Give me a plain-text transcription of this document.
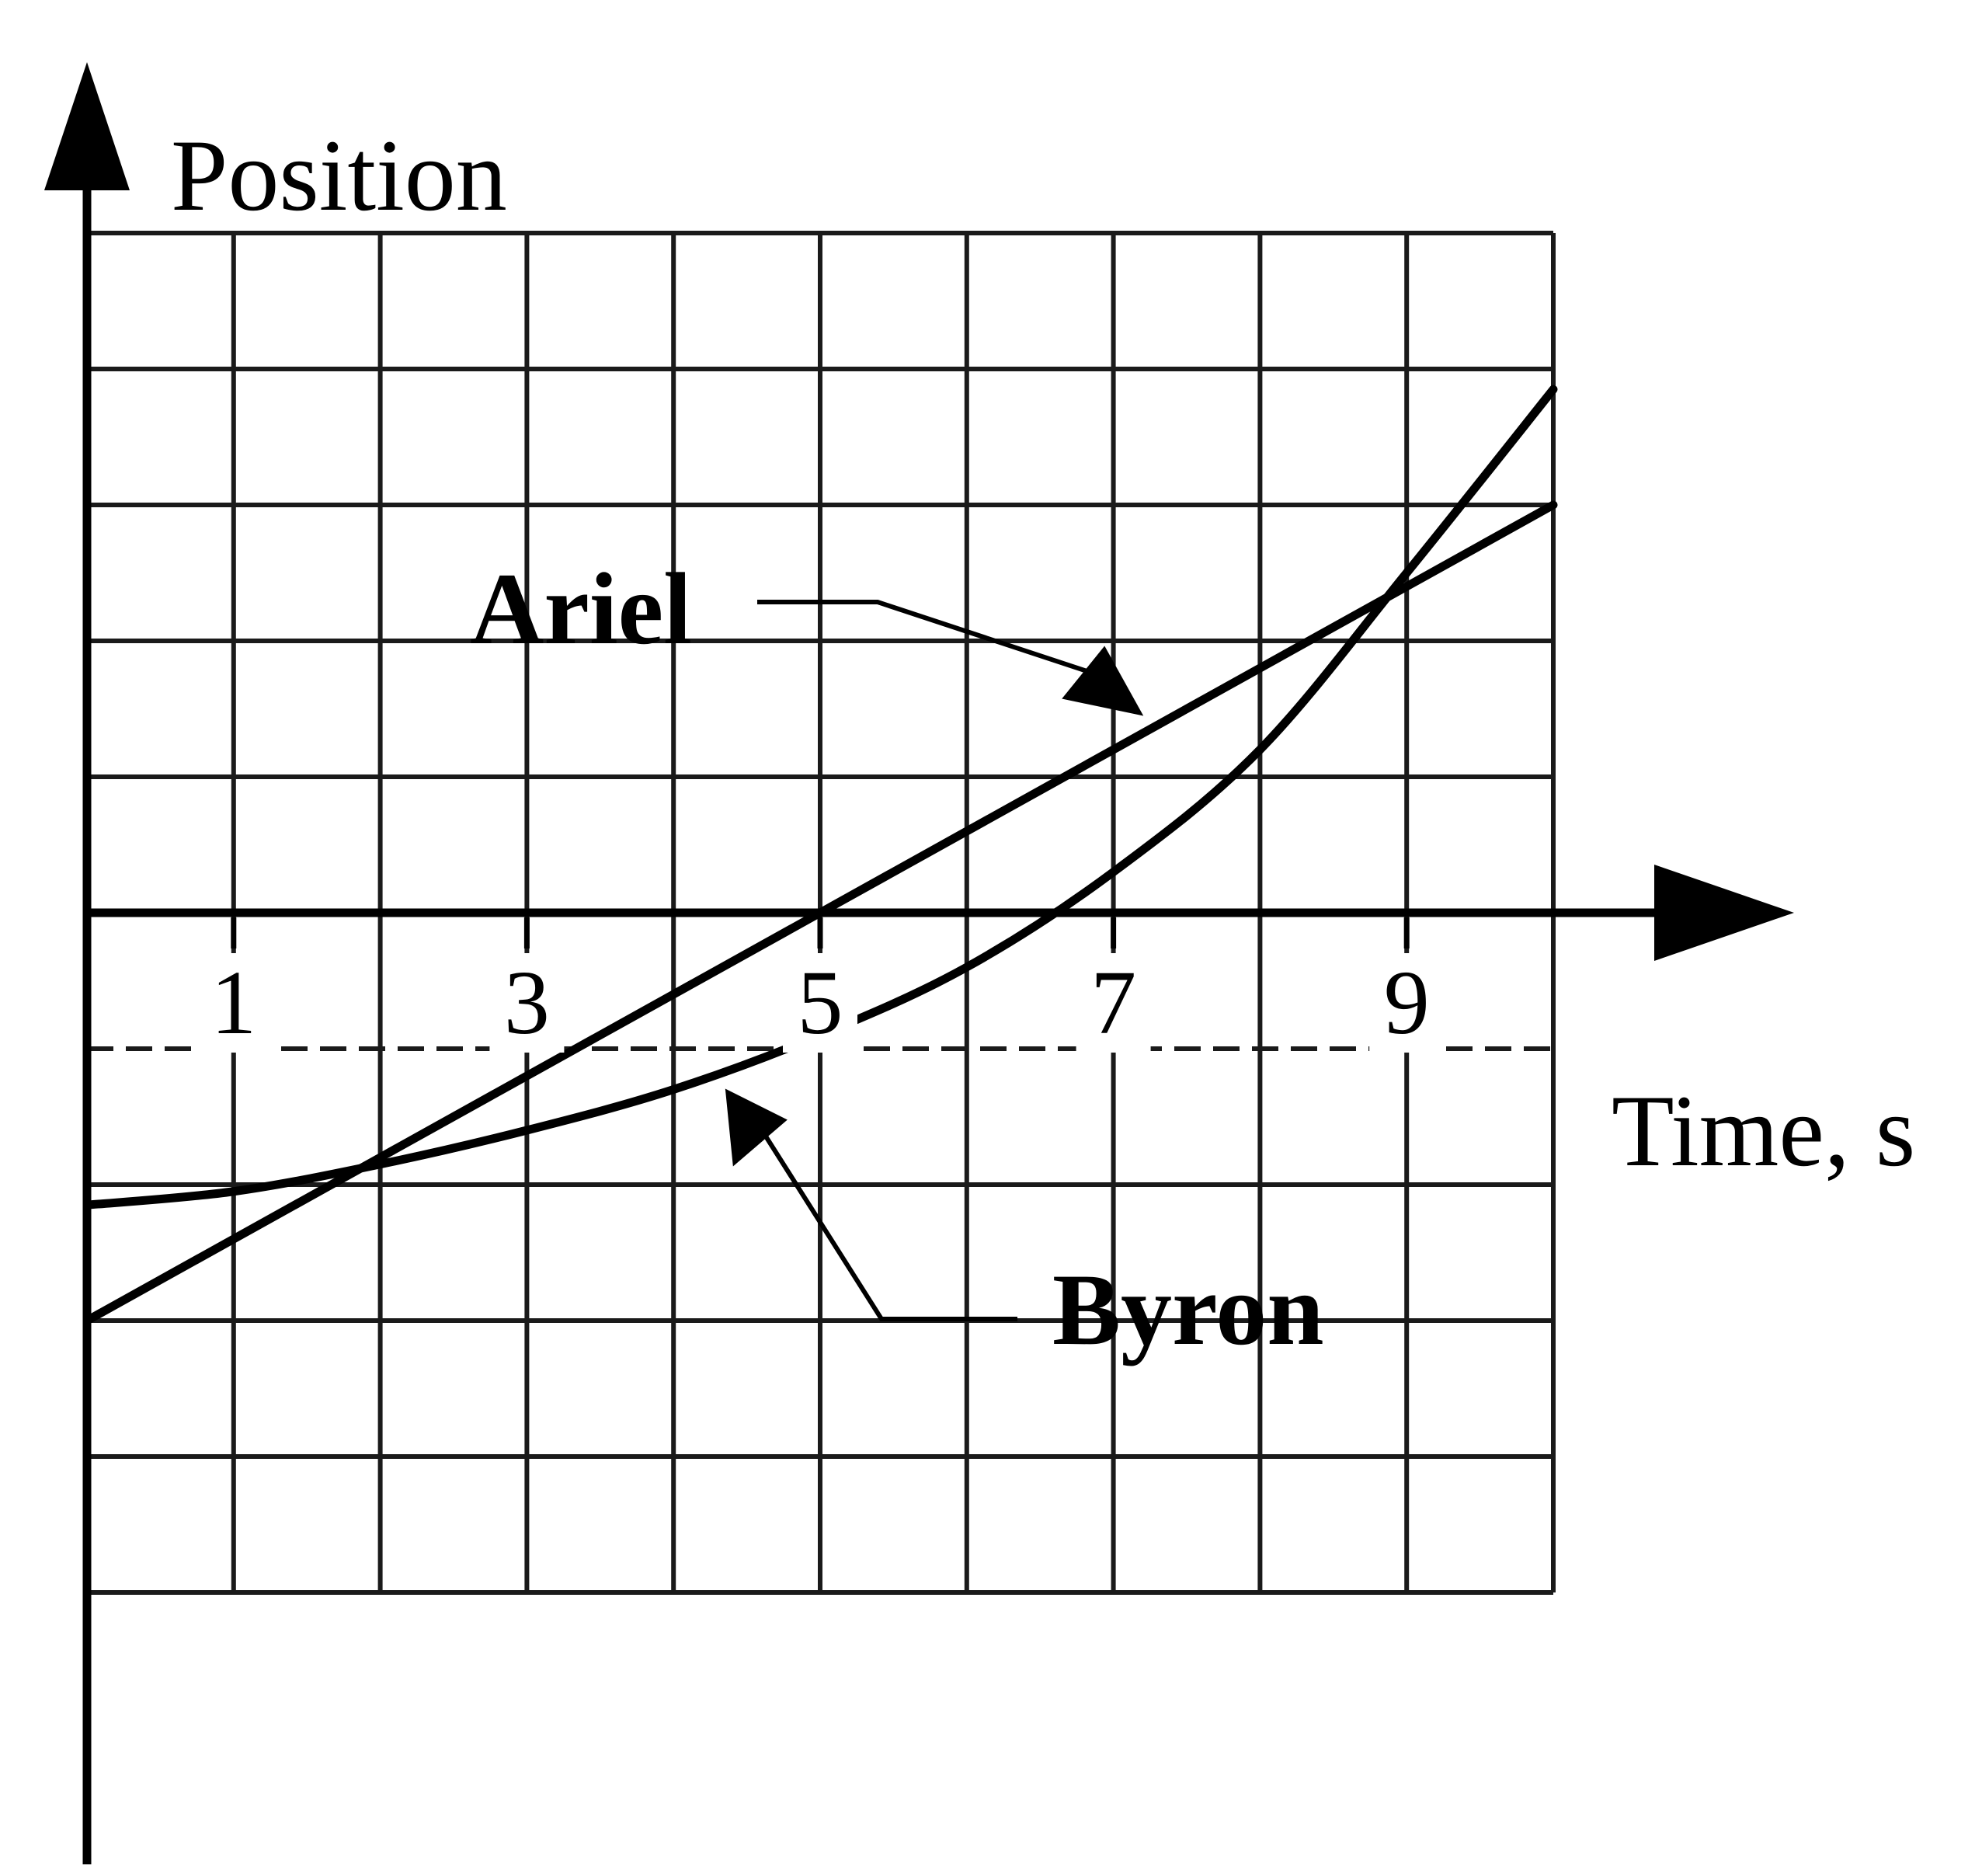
1	3	5	7	9
Ariel
Byron
Position
Time, s
